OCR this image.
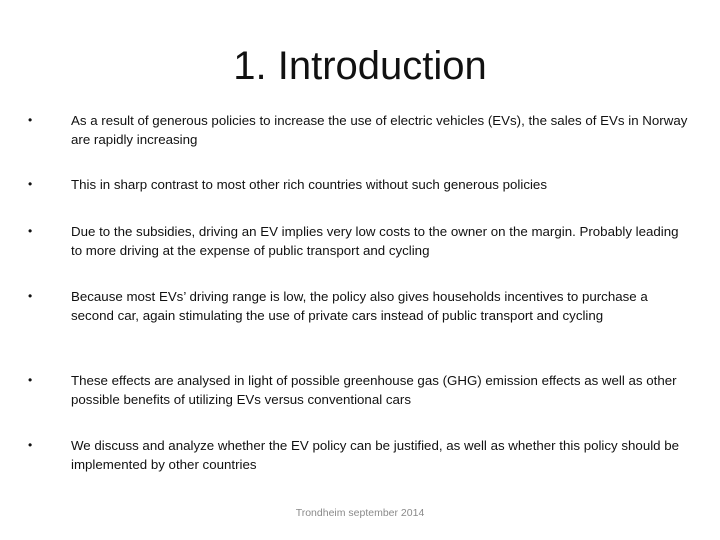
1. Introduction
•	As a result of generous policies to increase the use of electric vehicles (EVs), the sales of EVs in Norway are rapidly increasing
•	This in sharp contrast to most other rich countries without such generous policies
•	Due to the subsidies, driving an EV implies very low costs to the owner on the margin. Probably leading to more driving at the expense of public transport and cycling
•	Because most EVs’ driving range is low, the policy also gives households incentives to purchase a second car, again stimulating the use of private cars instead of public transport and cycling
•	These effects are analysed in light of possible greenhouse gas (GHG) emission effects as well as other possible benefits of utilizing EVs versus conventional cars
•	We discuss and analyze whether the EV policy can be justified, as well as whether this policy should be implemented by other countries
Trondheim september 2014
